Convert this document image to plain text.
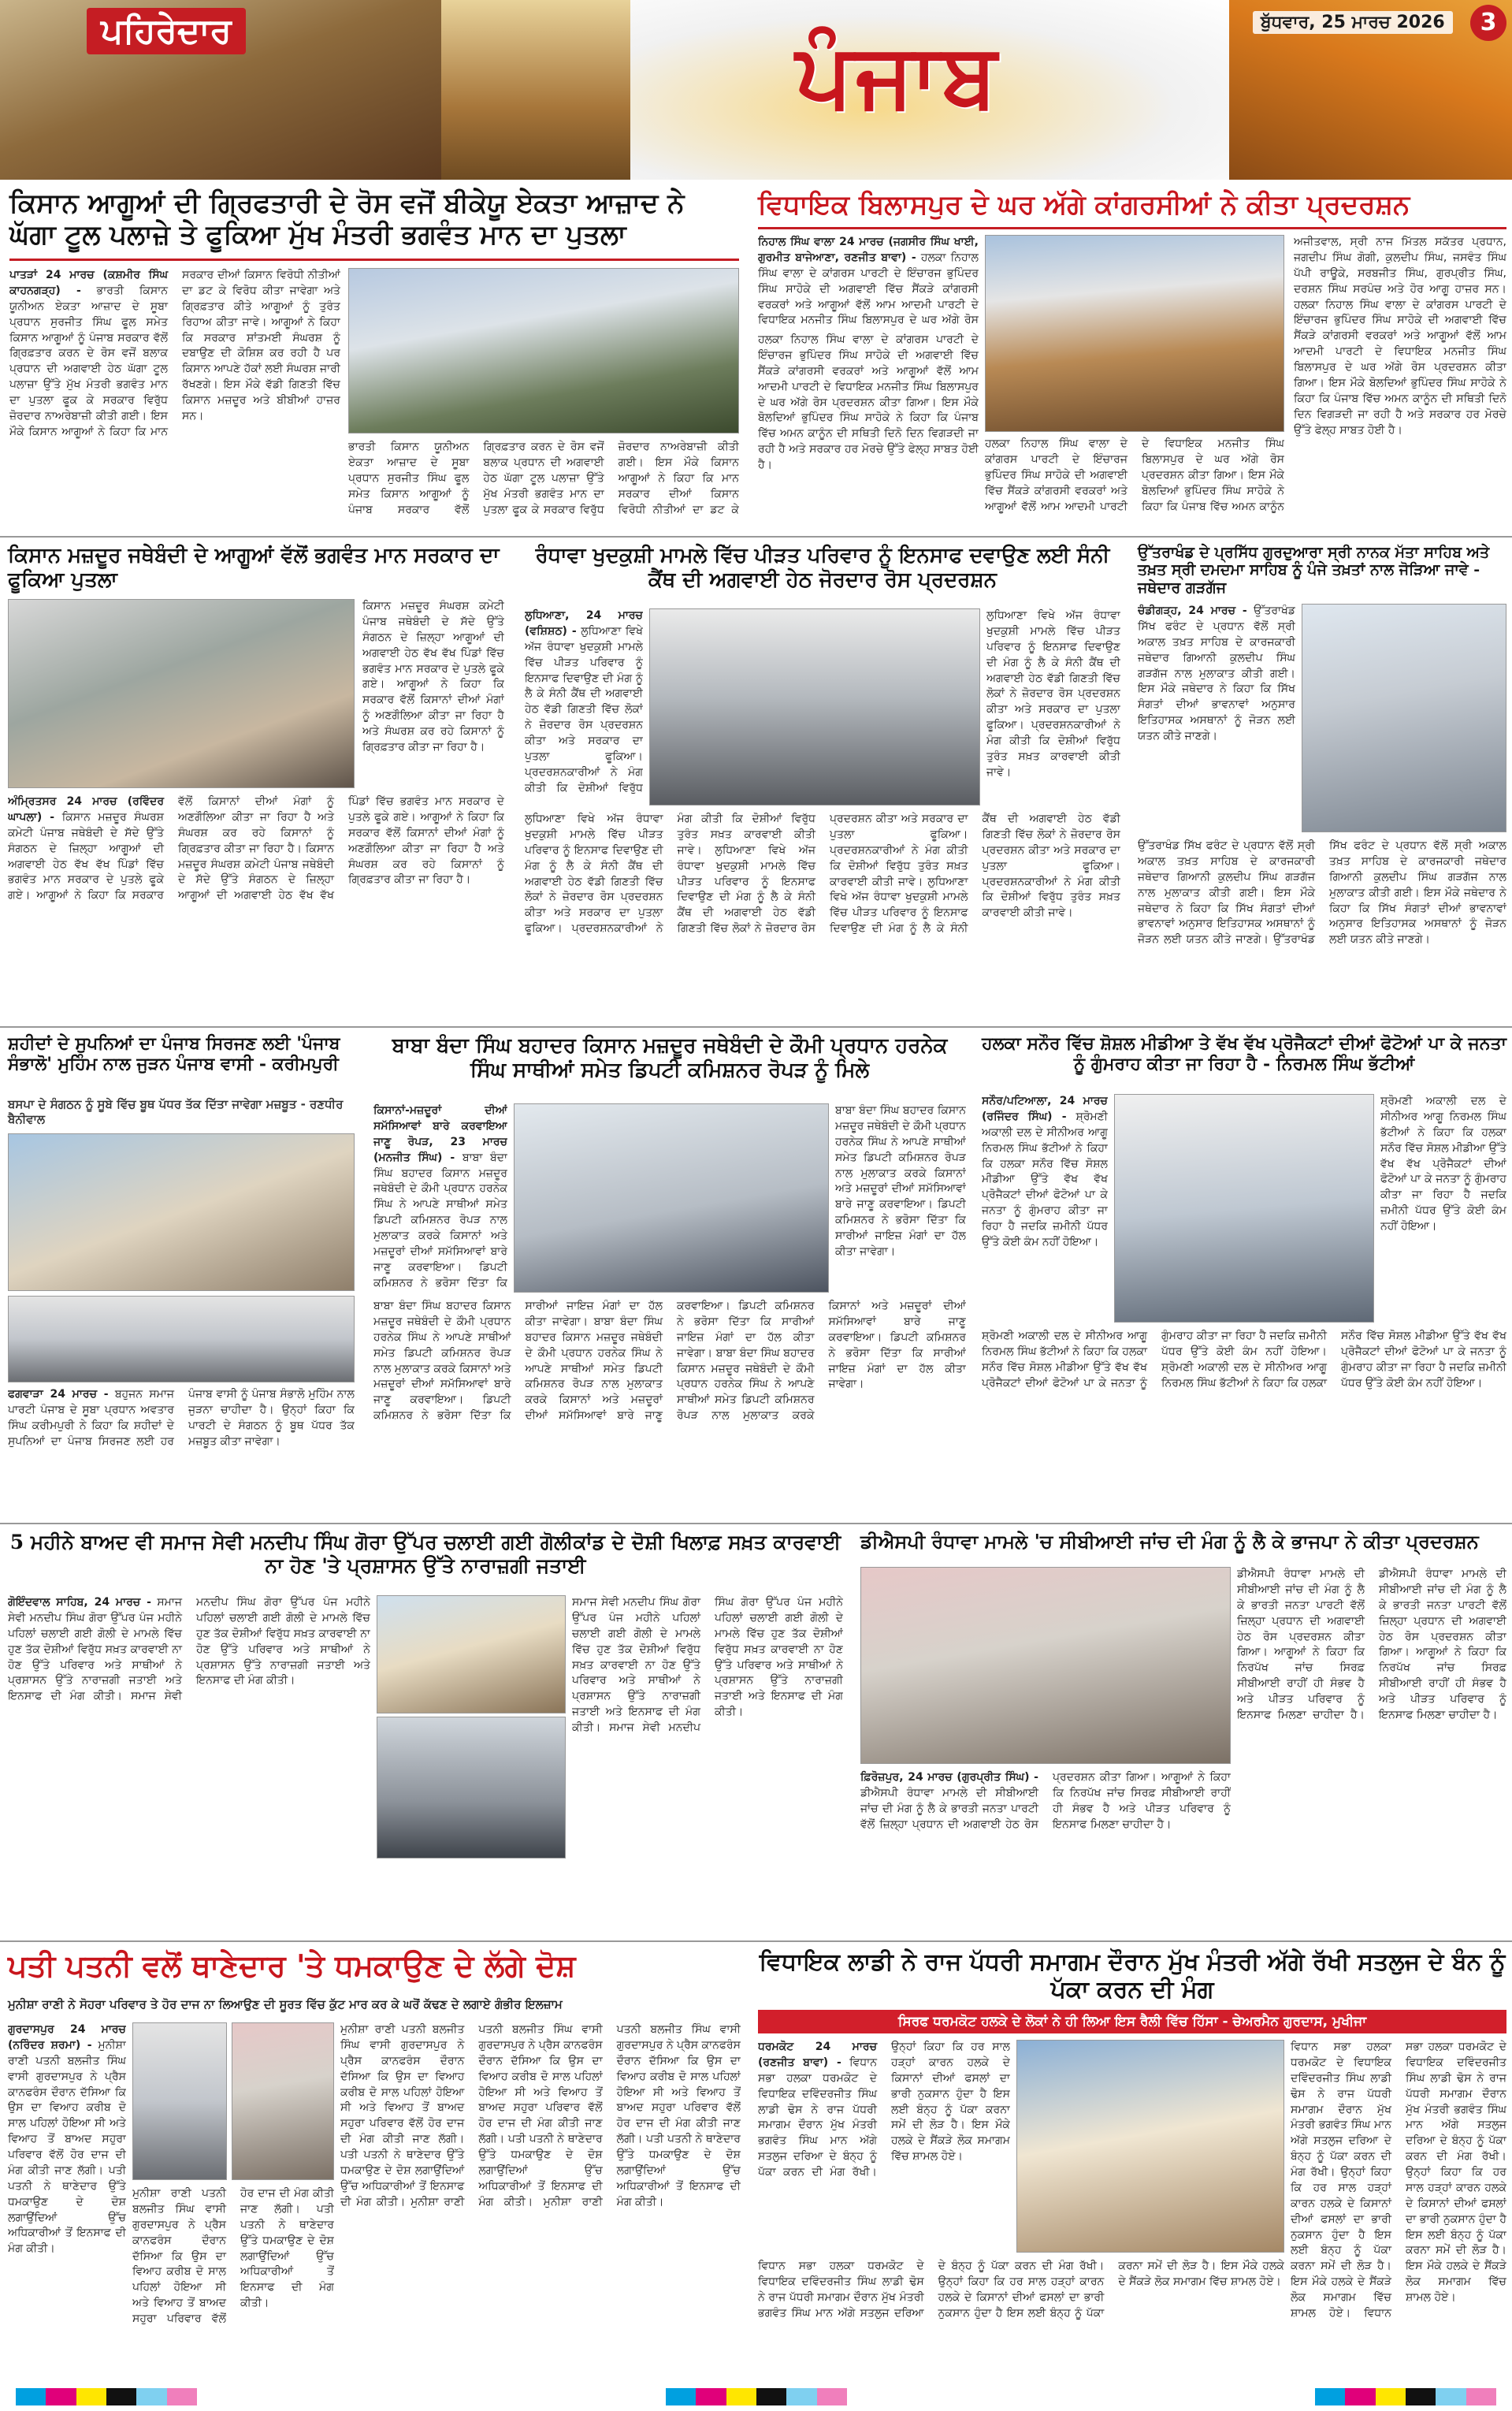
ਪਹਿਰੇਦਾਰ	ਪੰਜਾਬ
ਬੁੱਧਵਾਰ, 25 ਮਾਰਚ 2026	3
ਕਿਸਾਨ ਆਗੂਆਂ ਦੀ ਗ੍ਰਿਫਤਾਰੀ ਦੇ ਰੋਸ ਵਜੋਂ ਬੀਕੇਯੂ ਏਕਤਾ ਆਜ਼ਾਦ ਨੇ ਘੱਗਾ ਟੂਲ ਪਲਾਜ਼ੇ ਤੇ ਫੂਕਿਆ ਮੁੱਖ ਮੰਤਰੀ ਭਗਵੰਤ ਮਾਨ ਦਾ ਪੁਤਲਾ
ਪਾਤੜਾਂ 24 ਮਾਰਚ (ਕਸ਼ਮੀਰ ਸਿੰਘ ਕਾਹਨਗੜ੍ਹ) - ਭਾਰਤੀ ਕਿਸਾਨ ਯੂਨੀਅਨ ਏਕਤਾ ਆਜ਼ਾਦ ਦੇ ਸੂਬਾ ਪ੍ਰਧਾਨ ਸੁਰਜੀਤ ਸਿੰਘ ਫੂਲ ਸਮੇਤ ਕਿਸਾਨ ਆਗੂਆਂ ਨੂੰ ਪੰਜਾਬ ਸਰਕਾਰ ਵੱਲੋਂ ਗ੍ਰਿਫ਼ਤਾਰ ਕਰਨ ਦੇ ਰੋਸ ਵਜੋਂ ਬਲਾਕ ਪ੍ਰਧਾਨ ਦੀ ਅਗਵਾਈ ਹੇਠ ਘੱਗਾ ਟੂਲ ਪਲਾਜ਼ਾ ਉੱਤੇ ਮੁੱਖ ਮੰਤਰੀ ਭਗਵੰਤ ਮਾਨ ਦਾ ਪੁਤਲਾ ਫੂਕ ਕੇ ਸਰਕਾਰ ਵਿਰੁੱਧ ਜ਼ੋਰਦਾਰ ਨਾਅਰੇਬਾਜ਼ੀ ਕੀਤੀ ਗਈ। ਇਸ ਮੌਕੇ ਕਿਸਾਨ ਆਗੂਆਂ ਨੇ ਕਿਹਾ ਕਿ ਮਾਨ ਸਰਕਾਰ ਦੀਆਂ ਕਿਸਾਨ ਵਿਰੋਧੀ ਨੀਤੀਆਂ ਦਾ ਡਟ ਕੇ ਵਿਰੋਧ ਕੀਤਾ ਜਾਵੇਗਾ ਅਤੇ ਗ੍ਰਿਫ਼ਤਾਰ ਕੀਤੇ ਆਗੂਆਂ ਨੂੰ ਤੁਰੰਤ ਰਿਹਾਅ ਕੀਤਾ ਜਾਵੇ। ਆਗੂਆਂ ਨੇ ਕਿਹਾ ਕਿ ਸਰਕਾਰ ਸ਼ਾਂਤਮਈ ਸੰਘਰਸ਼ ਨੂੰ ਦਬਾਉਣ ਦੀ ਕੋਸ਼ਿਸ਼ ਕਰ ਰਹੀ ਹੈ ਪਰ ਕਿਸਾਨ ਆਪਣੇ ਹੱਕਾਂ ਲਈ ਸੰਘਰਸ਼ ਜਾਰੀ ਰੱਖਣਗੇ। ਇਸ ਮੌਕੇ ਵੱਡੀ ਗਿਣਤੀ ਵਿੱਚ ਕਿਸਾਨ ਮਜ਼ਦੂਰ ਅਤੇ ਬੀਬੀਆਂ ਹਾਜ਼ਰ ਸਨ।
ਭਾਰਤੀ ਕਿਸਾਨ ਯੂਨੀਅਨ ਏਕਤਾ ਆਜ਼ਾਦ ਦੇ ਸੂਬਾ ਪ੍ਰਧਾਨ ਸੁਰਜੀਤ ਸਿੰਘ ਫੂਲ ਸਮੇਤ ਕਿਸਾਨ ਆਗੂਆਂ ਨੂੰ ਪੰਜਾਬ ਸਰਕਾਰ ਵੱਲੋਂ ਗ੍ਰਿਫ਼ਤਾਰ ਕਰਨ ਦੇ ਰੋਸ ਵਜੋਂ ਬਲਾਕ ਪ੍ਰਧਾਨ ਦੀ ਅਗਵਾਈ ਹੇਠ ਘੱਗਾ ਟੂਲ ਪਲਾਜ਼ਾ ਉੱਤੇ ਮੁੱਖ ਮੰਤਰੀ ਭਗਵੰਤ ਮਾਨ ਦਾ ਪੁਤਲਾ ਫੂਕ ਕੇ ਸਰਕਾਰ ਵਿਰੁੱਧ ਜ਼ੋਰਦਾਰ ਨਾਅਰੇਬਾਜ਼ੀ ਕੀਤੀ ਗਈ। ਇਸ ਮੌਕੇ ਕਿਸਾਨ ਆਗੂਆਂ ਨੇ ਕਿਹਾ ਕਿ ਮਾਨ ਸਰਕਾਰ ਦੀਆਂ ਕਿਸਾਨ ਵਿਰੋਧੀ ਨੀਤੀਆਂ ਦਾ ਡਟ ਕੇ
ਵਿਧਾਇਕ ਬਿਲਾਸਪੁਰ ਦੇ ਘਰ ਅੱਗੇ ਕਾਂਗਰਸੀਆਂ ਨੇ ਕੀਤਾ ਪ੍ਰਦਰਸ਼ਨ
ਨਿਹਾਲ ਸਿੰਘ ਵਾਲਾ 24 ਮਾਰਚ (ਜਗਸੀਰ ਸਿੰਘ ਖਾਈ, ਗੁਰਮੀਤ ਬਾਜੇਆਣਾ, ਰਣਜੀਤ ਬਾਵਾ) - ਹਲਕਾ ਨਿਹਾਲ ਸਿੰਘ ਵਾਲਾ ਦੇ ਕਾਂਗਰਸ ਪਾਰਟੀ ਦੇ ਇੰਚਾਰਜ ਭੁਪਿੰਦਰ ਸਿੰਘ ਸਾਹੋਕੇ ਦੀ ਅਗਵਾਈ ਵਿੱਚ ਸੈਂਕੜੇ ਕਾਂਗਰਸੀ ਵਰਕਰਾਂ ਅਤੇ ਆਗੂਆਂ ਵੱਲੋਂ ਆਮ ਆਦਮੀ ਪਾਰਟੀ ਦੇ ਵਿਧਾਇਕ ਮਨਜੀਤ ਸਿੰਘ ਬਿਲਾਸਪੁਰ ਦੇ ਘਰ ਅੱਗੇ ਰੋਸ
ਹਲਕਾ ਨਿਹਾਲ ਸਿੰਘ ਵਾਲਾ ਦੇ ਕਾਂਗਰਸ ਪਾਰਟੀ ਦੇ ਇੰਚਾਰਜ ਭੁਪਿੰਦਰ ਸਿੰਘ ਸਾਹੋਕੇ ਦੀ ਅਗਵਾਈ ਵਿੱਚ ਸੈਂਕੜੇ ਕਾਂਗਰਸੀ ਵਰਕਰਾਂ ਅਤੇ ਆਗੂਆਂ ਵੱਲੋਂ ਆਮ ਆਦਮੀ ਪਾਰਟੀ ਦੇ ਵਿਧਾਇਕ ਮਨਜੀਤ ਸਿੰਘ ਬਿਲਾਸਪੁਰ ਦੇ ਘਰ ਅੱਗੇ ਰੋਸ ਪ੍ਰਦਰਸ਼ਨ ਕੀਤਾ ਗਿਆ। ਇਸ ਮੌਕੇ ਬੋਲਦਿਆਂ ਭੁਪਿੰਦਰ ਸਿੰਘ ਸਾਹੋਕੇ ਨੇ ਕਿਹਾ ਕਿ ਪੰਜਾਬ ਵਿੱਚ ਅਮਨ ਕਾਨੂੰਨ ਦੀ ਸਥਿਤੀ ਦਿਨੋ ਦਿਨ ਵਿਗੜਦੀ ਜਾ ਰਹੀ ਹੈ ਅਤੇ ਸਰਕਾਰ ਹਰ ਮੋਰਚੇ ਉੱਤੇ ਫੇਲ੍ਹ ਸਾਬਤ ਹੋਈ ਹੈ।
ਹਲਕਾ ਨਿਹਾਲ ਸਿੰਘ ਵਾਲਾ ਦੇ ਕਾਂਗਰਸ ਪਾਰਟੀ ਦੇ ਇੰਚਾਰਜ ਭੁਪਿੰਦਰ ਸਿੰਘ ਸਾਹੋਕੇ ਦੀ ਅਗਵਾਈ ਵਿੱਚ ਸੈਂਕੜੇ ਕਾਂਗਰਸੀ ਵਰਕਰਾਂ ਅਤੇ ਆਗੂਆਂ ਵੱਲੋਂ ਆਮ ਆਦਮੀ ਪਾਰਟੀ ਦੇ ਵਿਧਾਇਕ ਮਨਜੀਤ ਸਿੰਘ ਬਿਲਾਸਪੁਰ ਦੇ ਘਰ ਅੱਗੇ ਰੋਸ ਪ੍ਰਦਰਸ਼ਨ ਕੀਤਾ ਗਿਆ। ਇਸ ਮੌਕੇ ਬੋਲਦਿਆਂ ਭੁਪਿੰਦਰ ਸਿੰਘ ਸਾਹੋਕੇ ਨੇ ਕਿਹਾ ਕਿ ਪੰਜਾਬ ਵਿੱਚ ਅਮਨ ਕਾਨੂੰਨ
ਅਜੀਤਵਾਲ, ਸ੍ਰੀ ਨਾਜ ਮਿੱਤਲ ਸਕੱਤਰ ਪ੍ਰਧਾਨ, ਜਗਦੀਪ ਸਿੰਘ ਗੋਗੀ, ਕੁਲਦੀਪ ਸਿੰਘ, ਜਸਵੰਤ ਸਿੰਘ ਪੱਪੀ ਰਾਊਕੇ, ਸਰਬਜੀਤ ਸਿੰਘ, ਗੁਰਪ੍ਰੀਤ ਸਿੰਘ, ਦਰਸ਼ਨ ਸਿੰਘ ਸਰਪੰਚ ਅਤੇ ਹੋਰ ਆਗੂ ਹਾਜ਼ਰ ਸਨ। ਹਲਕਾ ਨਿਹਾਲ ਸਿੰਘ ਵਾਲਾ ਦੇ ਕਾਂਗਰਸ ਪਾਰਟੀ ਦੇ ਇੰਚਾਰਜ ਭੁਪਿੰਦਰ ਸਿੰਘ ਸਾਹੋਕੇ ਦੀ ਅਗਵਾਈ ਵਿੱਚ ਸੈਂਕੜੇ ਕਾਂਗਰਸੀ ਵਰਕਰਾਂ ਅਤੇ ਆਗੂਆਂ ਵੱਲੋਂ ਆਮ ਆਦਮੀ ਪਾਰਟੀ ਦੇ ਵਿਧਾਇਕ ਮਨਜੀਤ ਸਿੰਘ ਬਿਲਾਸਪੁਰ ਦੇ ਘਰ ਅੱਗੇ ਰੋਸ ਪ੍ਰਦਰਸ਼ਨ ਕੀਤਾ ਗਿਆ। ਇਸ ਮੌਕੇ ਬੋਲਦਿਆਂ ਭੁਪਿੰਦਰ ਸਿੰਘ ਸਾਹੋਕੇ ਨੇ ਕਿਹਾ ਕਿ ਪੰਜਾਬ ਵਿੱਚ ਅਮਨ ਕਾਨੂੰਨ ਦੀ ਸਥਿਤੀ ਦਿਨੋ ਦਿਨ ਵਿਗੜਦੀ ਜਾ ਰਹੀ ਹੈ ਅਤੇ ਸਰਕਾਰ ਹਰ ਮੋਰਚੇ ਉੱਤੇ ਫੇਲ੍ਹ ਸਾਬਤ ਹੋਈ ਹੈ।
ਕਿਸਾਨ ਮਜ਼ਦੂਰ ਜਥੇਬੰਦੀ ਦੇ ਆਗੂਆਂ ਵੱਲੋਂ ਭਗਵੰਤ ਮਾਨ ਸਰਕਾਰ ਦਾ ਫੂਕਿਆ ਪੁਤਲਾ
ਕਿਸਾਨ ਮਜ਼ਦੂਰ ਸੰਘਰਸ਼ ਕਮੇਟੀ ਪੰਜਾਬ ਜਥੇਬੰਦੀ ਦੇ ਸੱਦੇ ਉੱਤੇ ਸੰਗਠਨ ਦੇ ਜ਼ਿਲ੍ਹਾ ਆਗੂਆਂ ਦੀ ਅਗਵਾਈ ਹੇਠ ਵੱਖ ਵੱਖ ਪਿੰਡਾਂ ਵਿੱਚ ਭਗਵੰਤ ਮਾਨ ਸਰਕਾਰ ਦੇ ਪੁਤਲੇ ਫੂਕੇ ਗਏ। ਆਗੂਆਂ ਨੇ ਕਿਹਾ ਕਿ ਸਰਕਾਰ ਵੱਲੋਂ ਕਿਸਾਨਾਂ ਦੀਆਂ ਮੰਗਾਂ ਨੂੰ ਅਣਗੌਲਿਆ ਕੀਤਾ ਜਾ ਰਿਹਾ ਹੈ ਅਤੇ ਸੰਘਰਸ਼ ਕਰ ਰਹੇ ਕਿਸਾਨਾਂ ਨੂੰ ਗ੍ਰਿਫ਼ਤਾਰ ਕੀਤਾ ਜਾ ਰਿਹਾ ਹੈ।
ਅੰਮ੍ਰਿਤਸਰ 24 ਮਾਰਚ (ਰਵਿੰਦਰ ਘਾਪਲਾ) - ਕਿਸਾਨ ਮਜ਼ਦੂਰ ਸੰਘਰਸ਼ ਕਮੇਟੀ ਪੰਜਾਬ ਜਥੇਬੰਦੀ ਦੇ ਸੱਦੇ ਉੱਤੇ ਸੰਗਠਨ ਦੇ ਜ਼ਿਲ੍ਹਾ ਆਗੂਆਂ ਦੀ ਅਗਵਾਈ ਹੇਠ ਵੱਖ ਵੱਖ ਪਿੰਡਾਂ ਵਿੱਚ ਭਗਵੰਤ ਮਾਨ ਸਰਕਾਰ ਦੇ ਪੁਤਲੇ ਫੂਕੇ ਗਏ। ਆਗੂਆਂ ਨੇ ਕਿਹਾ ਕਿ ਸਰਕਾਰ ਵੱਲੋਂ ਕਿਸਾਨਾਂ ਦੀਆਂ ਮੰਗਾਂ ਨੂੰ ਅਣਗੌਲਿਆ ਕੀਤਾ ਜਾ ਰਿਹਾ ਹੈ ਅਤੇ ਸੰਘਰਸ਼ ਕਰ ਰਹੇ ਕਿਸਾਨਾਂ ਨੂੰ ਗ੍ਰਿਫ਼ਤਾਰ ਕੀਤਾ ਜਾ ਰਿਹਾ ਹੈ। ਕਿਸਾਨ ਮਜ਼ਦੂਰ ਸੰਘਰਸ਼ ਕਮੇਟੀ ਪੰਜਾਬ ਜਥੇਬੰਦੀ ਦੇ ਸੱਦੇ ਉੱਤੇ ਸੰਗਠਨ ਦੇ ਜ਼ਿਲ੍ਹਾ ਆਗੂਆਂ ਦੀ ਅਗਵਾਈ ਹੇਠ ਵੱਖ ਵੱਖ ਪਿੰਡਾਂ ਵਿੱਚ ਭਗਵੰਤ ਮਾਨ ਸਰਕਾਰ ਦੇ ਪੁਤਲੇ ਫੂਕੇ ਗਏ। ਆਗੂਆਂ ਨੇ ਕਿਹਾ ਕਿ ਸਰਕਾਰ ਵੱਲੋਂ ਕਿਸਾਨਾਂ ਦੀਆਂ ਮੰਗਾਂ ਨੂੰ ਅਣਗੌਲਿਆ ਕੀਤਾ ਜਾ ਰਿਹਾ ਹੈ ਅਤੇ ਸੰਘਰਸ਼ ਕਰ ਰਹੇ ਕਿਸਾਨਾਂ ਨੂੰ ਗ੍ਰਿਫ਼ਤਾਰ ਕੀਤਾ ਜਾ ਰਿਹਾ ਹੈ।
ਰੰਧਾਵਾ ਖੁਦਕੁਸ਼ੀ ਮਾਮਲੇ ਵਿੱਚ ਪੀੜਤ ਪਰਿਵਾਰ ਨੂੰ ਇਨਸਾਫ ਦਵਾਉਣ ਲਈ ਸੰਨੀ ਕੈਂਥ ਦੀ ਅਗਵਾਈ ਹੇਠ ਜੋਰਦਾਰ ਰੋਸ ਪ੍ਰਦਰਸ਼ਨ
ਲੁਧਿਆਣਾ, 24 ਮਾਰਚ (ਵਸ਼ਿਸ਼ਠ) - ਲੁਧਿਆਣਾ ਵਿਖੇ ਅੱਜ ਰੰਧਾਵਾ ਖੁਦਕੁਸ਼ੀ ਮਾਮਲੇ ਵਿੱਚ ਪੀੜਤ ਪਰਿਵਾਰ ਨੂੰ ਇਨਸਾਫ ਦਿਵਾਉਣ ਦੀ ਮੰਗ ਨੂੰ ਲੈ ਕੇ ਸੰਨੀ ਕੈਂਥ ਦੀ ਅਗਵਾਈ ਹੇਠ ਵੱਡੀ ਗਿਣਤੀ ਵਿੱਚ ਲੋਕਾਂ ਨੇ ਜ਼ੋਰਦਾਰ ਰੋਸ ਪ੍ਰਦਰਸ਼ਨ ਕੀਤਾ ਅਤੇ ਸਰਕਾਰ ਦਾ ਪੁਤਲਾ ਫੂਕਿਆ। ਪ੍ਰਦਰਸ਼ਨਕਾਰੀਆਂ ਨੇ ਮੰਗ ਕੀਤੀ ਕਿ ਦੋਸ਼ੀਆਂ ਵਿਰੁੱਧ
ਲੁਧਿਆਣਾ ਵਿਖੇ ਅੱਜ ਰੰਧਾਵਾ ਖੁਦਕੁਸ਼ੀ ਮਾਮਲੇ ਵਿੱਚ ਪੀੜਤ ਪਰਿਵਾਰ ਨੂੰ ਇਨਸਾਫ ਦਿਵਾਉਣ ਦੀ ਮੰਗ ਨੂੰ ਲੈ ਕੇ ਸੰਨੀ ਕੈਂਥ ਦੀ ਅਗਵਾਈ ਹੇਠ ਵੱਡੀ ਗਿਣਤੀ ਵਿੱਚ ਲੋਕਾਂ ਨੇ ਜ਼ੋਰਦਾਰ ਰੋਸ ਪ੍ਰਦਰਸ਼ਨ ਕੀਤਾ ਅਤੇ ਸਰਕਾਰ ਦਾ ਪੁਤਲਾ ਫੂਕਿਆ। ਪ੍ਰਦਰਸ਼ਨਕਾਰੀਆਂ ਨੇ ਮੰਗ ਕੀਤੀ ਕਿ ਦੋਸ਼ੀਆਂ ਵਿਰੁੱਧ ਤੁਰੰਤ ਸਖ਼ਤ ਕਾਰਵਾਈ ਕੀਤੀ ਜਾਵੇ।
ਲੁਧਿਆਣਾ ਵਿਖੇ ਅੱਜ ਰੰਧਾਵਾ ਖੁਦਕੁਸ਼ੀ ਮਾਮਲੇ ਵਿੱਚ ਪੀੜਤ ਪਰਿਵਾਰ ਨੂੰ ਇਨਸਾਫ ਦਿਵਾਉਣ ਦੀ ਮੰਗ ਨੂੰ ਲੈ ਕੇ ਸੰਨੀ ਕੈਂਥ ਦੀ ਅਗਵਾਈ ਹੇਠ ਵੱਡੀ ਗਿਣਤੀ ਵਿੱਚ ਲੋਕਾਂ ਨੇ ਜ਼ੋਰਦਾਰ ਰੋਸ ਪ੍ਰਦਰਸ਼ਨ ਕੀਤਾ ਅਤੇ ਸਰਕਾਰ ਦਾ ਪੁਤਲਾ ਫੂਕਿਆ। ਪ੍ਰਦਰਸ਼ਨਕਾਰੀਆਂ ਨੇ ਮੰਗ ਕੀਤੀ ਕਿ ਦੋਸ਼ੀਆਂ ਵਿਰੁੱਧ ਤੁਰੰਤ ਸਖ਼ਤ ਕਾਰਵਾਈ ਕੀਤੀ ਜਾਵੇ। ਲੁਧਿਆਣਾ ਵਿਖੇ ਅੱਜ ਰੰਧਾਵਾ ਖੁਦਕੁਸ਼ੀ ਮਾਮਲੇ ਵਿੱਚ ਪੀੜਤ ਪਰਿਵਾਰ ਨੂੰ ਇਨਸਾਫ ਦਿਵਾਉਣ ਦੀ ਮੰਗ ਨੂੰ ਲੈ ਕੇ ਸੰਨੀ ਕੈਂਥ ਦੀ ਅਗਵਾਈ ਹੇਠ ਵੱਡੀ ਗਿਣਤੀ ਵਿੱਚ ਲੋਕਾਂ ਨੇ ਜ਼ੋਰਦਾਰ ਰੋਸ ਪ੍ਰਦਰਸ਼ਨ ਕੀਤਾ ਅਤੇ ਸਰਕਾਰ ਦਾ ਪੁਤਲਾ ਫੂਕਿਆ। ਪ੍ਰਦਰਸ਼ਨਕਾਰੀਆਂ ਨੇ ਮੰਗ ਕੀਤੀ ਕਿ ਦੋਸ਼ੀਆਂ ਵਿਰੁੱਧ ਤੁਰੰਤ ਸਖ਼ਤ ਕਾਰਵਾਈ ਕੀਤੀ ਜਾਵੇ। ਲੁਧਿਆਣਾ ਵਿਖੇ ਅੱਜ ਰੰਧਾਵਾ ਖੁਦਕੁਸ਼ੀ ਮਾਮਲੇ ਵਿੱਚ ਪੀੜਤ ਪਰਿਵਾਰ ਨੂੰ ਇਨਸਾਫ ਦਿਵਾਉਣ ਦੀ ਮੰਗ ਨੂੰ ਲੈ ਕੇ ਸੰਨੀ ਕੈਂਥ ਦੀ ਅਗਵਾਈ ਹੇਠ ਵੱਡੀ ਗਿਣਤੀ ਵਿੱਚ ਲੋਕਾਂ ਨੇ ਜ਼ੋਰਦਾਰ ਰੋਸ ਪ੍ਰਦਰਸ਼ਨ ਕੀਤਾ ਅਤੇ ਸਰਕਾਰ ਦਾ ਪੁਤਲਾ ਫੂਕਿਆ। ਪ੍ਰਦਰਸ਼ਨਕਾਰੀਆਂ ਨੇ ਮੰਗ ਕੀਤੀ ਕਿ ਦੋਸ਼ੀਆਂ ਵਿਰੁੱਧ ਤੁਰੰਤ ਸਖ਼ਤ ਕਾਰਵਾਈ ਕੀਤੀ ਜਾਵੇ।
ਉੱਤਰਾਖੰਡ ਦੇ ਪ੍ਰਸਿੱਧ ਗੁਰਦੁਆਰਾ ਸ੍ਰੀ ਨਾਨਕ ਮੱਤਾ ਸਾਹਿਬ ਅਤੇ ਤਖ਼ਤ ਸ੍ਰੀ ਦਮਦਮਾ ਸਾਹਿਬ ਨੂੰ ਪੰਜੇ ਤਖ਼ਤਾਂ ਨਾਲ ਜੋੜਿਆ ਜਾਵੇ - ਜਥੇਦਾਰ ਗੜਗੱਜ
ਚੰਡੀਗੜ੍ਹ, 24 ਮਾਰਚ - ਉੱਤਰਾਖੰਡ ਸਿੱਖ ਫਰੰਟ ਦੇ ਪ੍ਰਧਾਨ ਵੱਲੋਂ ਸ੍ਰੀ ਅਕਾਲ ਤਖ਼ਤ ਸਾਹਿਬ ਦੇ ਕਾਰਜਕਾਰੀ ਜਥੇਦਾਰ ਗਿਆਨੀ ਕੁਲਦੀਪ ਸਿੰਘ ਗੜਗੱਜ ਨਾਲ ਮੁਲਾਕਾਤ ਕੀਤੀ ਗਈ। ਇਸ ਮੌਕੇ ਜਥੇਦਾਰ ਨੇ ਕਿਹਾ ਕਿ ਸਿੱਖ ਸੰਗਤਾਂ ਦੀਆਂ ਭਾਵਨਾਵਾਂ ਅਨੁਸਾਰ ਇਤਿਹਾਸਕ ਅਸਥਾਨਾਂ ਨੂੰ ਜੋੜਨ ਲਈ ਯਤਨ ਕੀਤੇ ਜਾਣਗੇ।
ਉੱਤਰਾਖੰਡ ਸਿੱਖ ਫਰੰਟ ਦੇ ਪ੍ਰਧਾਨ ਵੱਲੋਂ ਸ੍ਰੀ ਅਕਾਲ ਤਖ਼ਤ ਸਾਹਿਬ ਦੇ ਕਾਰਜਕਾਰੀ ਜਥੇਦਾਰ ਗਿਆਨੀ ਕੁਲਦੀਪ ਸਿੰਘ ਗੜਗੱਜ ਨਾਲ ਮੁਲਾਕਾਤ ਕੀਤੀ ਗਈ। ਇਸ ਮੌਕੇ ਜਥੇਦਾਰ ਨੇ ਕਿਹਾ ਕਿ ਸਿੱਖ ਸੰਗਤਾਂ ਦੀਆਂ ਭਾਵਨਾਵਾਂ ਅਨੁਸਾਰ ਇਤਿਹਾਸਕ ਅਸਥਾਨਾਂ ਨੂੰ ਜੋੜਨ ਲਈ ਯਤਨ ਕੀਤੇ ਜਾਣਗੇ। ਉੱਤਰਾਖੰਡ ਸਿੱਖ ਫਰੰਟ ਦੇ ਪ੍ਰਧਾਨ ਵੱਲੋਂ ਸ੍ਰੀ ਅਕਾਲ ਤਖ਼ਤ ਸਾਹਿਬ ਦੇ ਕਾਰਜਕਾਰੀ ਜਥੇਦਾਰ ਗਿਆਨੀ ਕੁਲਦੀਪ ਸਿੰਘ ਗੜਗੱਜ ਨਾਲ ਮੁਲਾਕਾਤ ਕੀਤੀ ਗਈ। ਇਸ ਮੌਕੇ ਜਥੇਦਾਰ ਨੇ ਕਿਹਾ ਕਿ ਸਿੱਖ ਸੰਗਤਾਂ ਦੀਆਂ ਭਾਵਨਾਵਾਂ ਅਨੁਸਾਰ ਇਤਿਹਾਸਕ ਅਸਥਾਨਾਂ ਨੂੰ ਜੋੜਨ ਲਈ ਯਤਨ ਕੀਤੇ ਜਾਣਗੇ।
ਸ਼ਹੀਦਾਂ ਦੇ ਸੁਪਨਿਆਂ ਦਾ ਪੰਜਾਬ ਸਿਰਜਣ ਲਈ 'ਪੰਜਾਬ ਸੰਭਾਲੋ' ਮੁਹਿੰਮ ਨਾਲ ਜੁੜਨ ਪੰਜਾਬ ਵਾਸੀ - ਕਰੀਮਪੁਰੀ
ਬਸਪਾ ਦੇ ਸੰਗਠਨ ਨੂੰ ਸੂਬੇ ਵਿੱਚ ਬੂਥ ਪੱਧਰ ਤੱਕ ਦਿੱਤਾ ਜਾਵੇਗਾ ਮਜ਼ਬੂਤ - ਰਣਧੀਰ ਬੈਨੀਵਾਲ
ਫਗਵਾੜਾ 24 ਮਾਰਚ - ਬਹੁਜਨ ਸਮਾਜ ਪਾਰਟੀ ਪੰਜਾਬ ਦੇ ਸੂਬਾ ਪ੍ਰਧਾਨ ਅਵਤਾਰ ਸਿੰਘ ਕਰੀਮਪੁਰੀ ਨੇ ਕਿਹਾ ਕਿ ਸ਼ਹੀਦਾਂ ਦੇ ਸੁਪਨਿਆਂ ਦਾ ਪੰਜਾਬ ਸਿਰਜਣ ਲਈ ਹਰ ਪੰਜਾਬ ਵਾਸੀ ਨੂੰ ਪੰਜਾਬ ਸੰਭਾਲੋ ਮੁਹਿੰਮ ਨਾਲ ਜੁੜਨਾ ਚਾਹੀਦਾ ਹੈ। ਉਨ੍ਹਾਂ ਕਿਹਾ ਕਿ ਪਾਰਟੀ ਦੇ ਸੰਗਠਨ ਨੂੰ ਬੂਥ ਪੱਧਰ ਤੱਕ ਮਜ਼ਬੂਤ ਕੀਤਾ ਜਾਵੇਗਾ।
ਬਾਬਾ ਬੰਦਾ ਸਿੰਘ ਬਹਾਦਰ ਕਿਸਾਨ ਮਜ਼ਦੂਰ ਜਥੇਬੰਦੀ ਦੇ ਕੌਮੀ ਪ੍ਰਧਾਨ ਹਰਨੇਕ ਸਿੰਘ ਸਾਥੀਆਂ ਸਮੇਤ ਡਿਪਟੀ ਕਮਿਸ਼ਨਰ ਰੋਪੜ ਨੂੰ ਮਿਲੇ
ਕਿਸਾਨਾਂ-ਮਜ਼ਦੂਰਾਂ ਦੀਆਂ ਸਮੱਸਿਆਵਾਂ ਬਾਰੇ ਕਰਵਾਇਆ ਜਾਣੂ ਰੋਪੜ, 23 ਮਾਰਚ (ਮਨਜੀਤ ਸਿੰਘ) - ਬਾਬਾ ਬੰਦਾ ਸਿੰਘ ਬਹਾਦਰ ਕਿਸਾਨ ਮਜ਼ਦੂਰ ਜਥੇਬੰਦੀ ਦੇ ਕੌਮੀ ਪ੍ਰਧਾਨ ਹਰਨੇਕ ਸਿੰਘ ਨੇ ਆਪਣੇ ਸਾਥੀਆਂ ਸਮੇਤ ਡਿਪਟੀ ਕਮਿਸ਼ਨਰ ਰੋਪੜ ਨਾਲ ਮੁਲਾਕਾਤ ਕਰਕੇ ਕਿਸਾਨਾਂ ਅਤੇ ਮਜ਼ਦੂਰਾਂ ਦੀਆਂ ਸਮੱਸਿਆਵਾਂ ਬਾਰੇ ਜਾਣੂ ਕਰਵਾਇਆ। ਡਿਪਟੀ ਕਮਿਸ਼ਨਰ ਨੇ ਭਰੋਸਾ ਦਿੱਤਾ ਕਿ
ਬਾਬਾ ਬੰਦਾ ਸਿੰਘ ਬਹਾਦਰ ਕਿਸਾਨ ਮਜ਼ਦੂਰ ਜਥੇਬੰਦੀ ਦੇ ਕੌਮੀ ਪ੍ਰਧਾਨ ਹਰਨੇਕ ਸਿੰਘ ਨੇ ਆਪਣੇ ਸਾਥੀਆਂ ਸਮੇਤ ਡਿਪਟੀ ਕਮਿਸ਼ਨਰ ਰੋਪੜ ਨਾਲ ਮੁਲਾਕਾਤ ਕਰਕੇ ਕਿਸਾਨਾਂ ਅਤੇ ਮਜ਼ਦੂਰਾਂ ਦੀਆਂ ਸਮੱਸਿਆਵਾਂ ਬਾਰੇ ਜਾਣੂ ਕਰਵਾਇਆ। ਡਿਪਟੀ ਕਮਿਸ਼ਨਰ ਨੇ ਭਰੋਸਾ ਦਿੱਤਾ ਕਿ ਸਾਰੀਆਂ ਜਾਇਜ਼ ਮੰਗਾਂ ਦਾ ਹੱਲ ਕੀਤਾ ਜਾਵੇਗਾ।
ਬਾਬਾ ਬੰਦਾ ਸਿੰਘ ਬਹਾਦਰ ਕਿਸਾਨ ਮਜ਼ਦੂਰ ਜਥੇਬੰਦੀ ਦੇ ਕੌਮੀ ਪ੍ਰਧਾਨ ਹਰਨੇਕ ਸਿੰਘ ਨੇ ਆਪਣੇ ਸਾਥੀਆਂ ਸਮੇਤ ਡਿਪਟੀ ਕਮਿਸ਼ਨਰ ਰੋਪੜ ਨਾਲ ਮੁਲਾਕਾਤ ਕਰਕੇ ਕਿਸਾਨਾਂ ਅਤੇ ਮਜ਼ਦੂਰਾਂ ਦੀਆਂ ਸਮੱਸਿਆਵਾਂ ਬਾਰੇ ਜਾਣੂ ਕਰਵਾਇਆ। ਡਿਪਟੀ ਕਮਿਸ਼ਨਰ ਨੇ ਭਰੋਸਾ ਦਿੱਤਾ ਕਿ ਸਾਰੀਆਂ ਜਾਇਜ਼ ਮੰਗਾਂ ਦਾ ਹੱਲ ਕੀਤਾ ਜਾਵੇਗਾ। ਬਾਬਾ ਬੰਦਾ ਸਿੰਘ ਬਹਾਦਰ ਕਿਸਾਨ ਮਜ਼ਦੂਰ ਜਥੇਬੰਦੀ ਦੇ ਕੌਮੀ ਪ੍ਰਧਾਨ ਹਰਨੇਕ ਸਿੰਘ ਨੇ ਆਪਣੇ ਸਾਥੀਆਂ ਸਮੇਤ ਡਿਪਟੀ ਕਮਿਸ਼ਨਰ ਰੋਪੜ ਨਾਲ ਮੁਲਾਕਾਤ ਕਰਕੇ ਕਿਸਾਨਾਂ ਅਤੇ ਮਜ਼ਦੂਰਾਂ ਦੀਆਂ ਸਮੱਸਿਆਵਾਂ ਬਾਰੇ ਜਾਣੂ ਕਰਵਾਇਆ। ਡਿਪਟੀ ਕਮਿਸ਼ਨਰ ਨੇ ਭਰੋਸਾ ਦਿੱਤਾ ਕਿ ਸਾਰੀਆਂ ਜਾਇਜ਼ ਮੰਗਾਂ ਦਾ ਹੱਲ ਕੀਤਾ ਜਾਵੇਗਾ। ਬਾਬਾ ਬੰਦਾ ਸਿੰਘ ਬਹਾਦਰ ਕਿਸਾਨ ਮਜ਼ਦੂਰ ਜਥੇਬੰਦੀ ਦੇ ਕੌਮੀ ਪ੍ਰਧਾਨ ਹਰਨੇਕ ਸਿੰਘ ਨੇ ਆਪਣੇ ਸਾਥੀਆਂ ਸਮੇਤ ਡਿਪਟੀ ਕਮਿਸ਼ਨਰ ਰੋਪੜ ਨਾਲ ਮੁਲਾਕਾਤ ਕਰਕੇ ਕਿਸਾਨਾਂ ਅਤੇ ਮਜ਼ਦੂਰਾਂ ਦੀਆਂ ਸਮੱਸਿਆਵਾਂ ਬਾਰੇ ਜਾਣੂ ਕਰਵਾਇਆ। ਡਿਪਟੀ ਕਮਿਸ਼ਨਰ ਨੇ ਭਰੋਸਾ ਦਿੱਤਾ ਕਿ ਸਾਰੀਆਂ ਜਾਇਜ਼ ਮੰਗਾਂ ਦਾ ਹੱਲ ਕੀਤਾ ਜਾਵੇਗਾ।
ਹਲਕਾ ਸਨੌਰ ਵਿੱਚ ਸ਼ੋਸ਼ਲ ਮੀਡੀਆ ਤੇ ਵੱਖ ਵੱਖ ਪ੍ਰੋਜੈਕਟਾਂ ਦੀਆਂ ਫੋਟੋਆਂ ਪਾ ਕੇ ਜਨਤਾ ਨੂੰ ਗੁੰਮਰਾਹ ਕੀਤਾ ਜਾ ਰਿਹਾ ਹੈ - ਨਿਰਮਲ ਸਿੰਘ ਭੱਟੀਆਂ
ਸਨੌਰ/ਪਟਿਆਲਾ, 24 ਮਾਰਚ (ਰਜਿੰਦਰ ਸਿੰਘ) - ਸ਼੍ਰੋਮਣੀ ਅਕਾਲੀ ਦਲ ਦੇ ਸੀਨੀਅਰ ਆਗੂ ਨਿਰਮਲ ਸਿੰਘ ਭੱਟੀਆਂ ਨੇ ਕਿਹਾ ਕਿ ਹਲਕਾ ਸਨੌਰ ਵਿੱਚ ਸੋਸ਼ਲ ਮੀਡੀਆ ਉੱਤੇ ਵੱਖ ਵੱਖ ਪ੍ਰੋਜੈਕਟਾਂ ਦੀਆਂ ਫੋਟੋਆਂ ਪਾ ਕੇ ਜਨਤਾ ਨੂੰ ਗੁੰਮਰਾਹ ਕੀਤਾ ਜਾ ਰਿਹਾ ਹੈ ਜਦਕਿ ਜ਼ਮੀਨੀ ਪੱਧਰ ਉੱਤੇ ਕੋਈ ਕੰਮ ਨਹੀਂ ਹੋਇਆ।
ਸ਼੍ਰੋਮਣੀ ਅਕਾਲੀ ਦਲ ਦੇ ਸੀਨੀਅਰ ਆਗੂ ਨਿਰਮਲ ਸਿੰਘ ਭੱਟੀਆਂ ਨੇ ਕਿਹਾ ਕਿ ਹਲਕਾ ਸਨੌਰ ਵਿੱਚ ਸੋਸ਼ਲ ਮੀਡੀਆ ਉੱਤੇ ਵੱਖ ਵੱਖ ਪ੍ਰੋਜੈਕਟਾਂ ਦੀਆਂ ਫੋਟੋਆਂ ਪਾ ਕੇ ਜਨਤਾ ਨੂੰ ਗੁੰਮਰਾਹ ਕੀਤਾ ਜਾ ਰਿਹਾ ਹੈ ਜਦਕਿ ਜ਼ਮੀਨੀ ਪੱਧਰ ਉੱਤੇ ਕੋਈ ਕੰਮ ਨਹੀਂ ਹੋਇਆ।
ਸ਼੍ਰੋਮਣੀ ਅਕਾਲੀ ਦਲ ਦੇ ਸੀਨੀਅਰ ਆਗੂ ਨਿਰਮਲ ਸਿੰਘ ਭੱਟੀਆਂ ਨੇ ਕਿਹਾ ਕਿ ਹਲਕਾ ਸਨੌਰ ਵਿੱਚ ਸੋਸ਼ਲ ਮੀਡੀਆ ਉੱਤੇ ਵੱਖ ਵੱਖ ਪ੍ਰੋਜੈਕਟਾਂ ਦੀਆਂ ਫੋਟੋਆਂ ਪਾ ਕੇ ਜਨਤਾ ਨੂੰ ਗੁੰਮਰਾਹ ਕੀਤਾ ਜਾ ਰਿਹਾ ਹੈ ਜਦਕਿ ਜ਼ਮੀਨੀ ਪੱਧਰ ਉੱਤੇ ਕੋਈ ਕੰਮ ਨਹੀਂ ਹੋਇਆ। ਸ਼੍ਰੋਮਣੀ ਅਕਾਲੀ ਦਲ ਦੇ ਸੀਨੀਅਰ ਆਗੂ ਨਿਰਮਲ ਸਿੰਘ ਭੱਟੀਆਂ ਨੇ ਕਿਹਾ ਕਿ ਹਲਕਾ ਸਨੌਰ ਵਿੱਚ ਸੋਸ਼ਲ ਮੀਡੀਆ ਉੱਤੇ ਵੱਖ ਵੱਖ ਪ੍ਰੋਜੈਕਟਾਂ ਦੀਆਂ ਫੋਟੋਆਂ ਪਾ ਕੇ ਜਨਤਾ ਨੂੰ ਗੁੰਮਰਾਹ ਕੀਤਾ ਜਾ ਰਿਹਾ ਹੈ ਜਦਕਿ ਜ਼ਮੀਨੀ ਪੱਧਰ ਉੱਤੇ ਕੋਈ ਕੰਮ ਨਹੀਂ ਹੋਇਆ।
5 ਮਹੀਨੇ ਬਾਅਦ ਵੀ ਸਮਾਜ ਸੇਵੀ ਮਨਦੀਪ ਸਿੰਘ ਗੋਰਾ ਉੱਪਰ ਚਲਾਈ ਗਈ ਗੋਲੀਕਾਂਡ ਦੇ ਦੋਸ਼ੀ ਖਿਲਾਫ਼ ਸਖ਼ਤ ਕਾਰਵਾਈ ਨਾ ਹੋਣ 'ਤੇ ਪ੍ਰਸ਼ਾਸਨ ਉੱਤੇ ਨਾਰਾਜ਼ਗੀ ਜਤਾਈ
ਗੋਇੰਦਵਾਲ ਸਾਹਿਬ, 24 ਮਾਰਚ - ਸਮਾਜ ਸੇਵੀ ਮਨਦੀਪ ਸਿੰਘ ਗੋਰਾ ਉੱਪਰ ਪੰਜ ਮਹੀਨੇ ਪਹਿਲਾਂ ਚਲਾਈ ਗਈ ਗੋਲੀ ਦੇ ਮਾਮਲੇ ਵਿੱਚ ਹੁਣ ਤੱਕ ਦੋਸ਼ੀਆਂ ਵਿਰੁੱਧ ਸਖ਼ਤ ਕਾਰਵਾਈ ਨਾ ਹੋਣ ਉੱਤੇ ਪਰਿਵਾਰ ਅਤੇ ਸਾਥੀਆਂ ਨੇ ਪ੍ਰਸ਼ਾਸਨ ਉੱਤੇ ਨਾਰਾਜ਼ਗੀ ਜਤਾਈ ਅਤੇ ਇਨਸਾਫ ਦੀ ਮੰਗ ਕੀਤੀ। ਸਮਾਜ ਸੇਵੀ ਮਨਦੀਪ ਸਿੰਘ ਗੋਰਾ ਉੱਪਰ ਪੰਜ ਮਹੀਨੇ ਪਹਿਲਾਂ ਚਲਾਈ ਗਈ ਗੋਲੀ ਦੇ ਮਾਮਲੇ ਵਿੱਚ ਹੁਣ ਤੱਕ ਦੋਸ਼ੀਆਂ ਵਿਰੁੱਧ ਸਖ਼ਤ ਕਾਰਵਾਈ ਨਾ ਹੋਣ ਉੱਤੇ ਪਰਿਵਾਰ ਅਤੇ ਸਾਥੀਆਂ ਨੇ ਪ੍ਰਸ਼ਾਸਨ ਉੱਤੇ ਨਾਰਾਜ਼ਗੀ ਜਤਾਈ ਅਤੇ ਇਨਸਾਫ ਦੀ ਮੰਗ ਕੀਤੀ।
ਸਮਾਜ ਸੇਵੀ ਮਨਦੀਪ ਸਿੰਘ ਗੋਰਾ ਉੱਪਰ ਪੰਜ ਮਹੀਨੇ ਪਹਿਲਾਂ ਚਲਾਈ ਗਈ ਗੋਲੀ ਦੇ ਮਾਮਲੇ ਵਿੱਚ ਹੁਣ ਤੱਕ ਦੋਸ਼ੀਆਂ ਵਿਰੁੱਧ ਸਖ਼ਤ ਕਾਰਵਾਈ ਨਾ ਹੋਣ ਉੱਤੇ ਪਰਿਵਾਰ ਅਤੇ ਸਾਥੀਆਂ ਨੇ ਪ੍ਰਸ਼ਾਸਨ ਉੱਤੇ ਨਾਰਾਜ਼ਗੀ ਜਤਾਈ ਅਤੇ ਇਨਸਾਫ ਦੀ ਮੰਗ ਕੀਤੀ। ਸਮਾਜ ਸੇਵੀ ਮਨਦੀਪ ਸਿੰਘ ਗੋਰਾ ਉੱਪਰ ਪੰਜ ਮਹੀਨੇ ਪਹਿਲਾਂ ਚਲਾਈ ਗਈ ਗੋਲੀ ਦੇ ਮਾਮਲੇ ਵਿੱਚ ਹੁਣ ਤੱਕ ਦੋਸ਼ੀਆਂ ਵਿਰੁੱਧ ਸਖ਼ਤ ਕਾਰਵਾਈ ਨਾ ਹੋਣ ਉੱਤੇ ਪਰਿਵਾਰ ਅਤੇ ਸਾਥੀਆਂ ਨੇ ਪ੍ਰਸ਼ਾਸਨ ਉੱਤੇ ਨਾਰਾਜ਼ਗੀ ਜਤਾਈ ਅਤੇ ਇਨਸਾਫ ਦੀ ਮੰਗ ਕੀਤੀ।
ਡੀਐਸਪੀ ਰੰਧਾਵਾ ਮਾਮਲੇ 'ਚ ਸੀਬੀਆਈ ਜਾਂਚ ਦੀ ਮੰਗ ਨੂੰ ਲੈ ਕੇ ਭਾਜਪਾ ਨੇ ਕੀਤਾ ਪ੍ਰਦਰਸ਼ਨ
ਡੀਐਸਪੀ ਰੰਧਾਵਾ ਮਾਮਲੇ ਦੀ ਸੀਬੀਆਈ ਜਾਂਚ ਦੀ ਮੰਗ ਨੂੰ ਲੈ ਕੇ ਭਾਰਤੀ ਜਨਤਾ ਪਾਰਟੀ ਵੱਲੋਂ ਜ਼ਿਲ੍ਹਾ ਪ੍ਰਧਾਨ ਦੀ ਅਗਵਾਈ ਹੇਠ ਰੋਸ ਪ੍ਰਦਰਸ਼ਨ ਕੀਤਾ ਗਿਆ। ਆਗੂਆਂ ਨੇ ਕਿਹਾ ਕਿ ਨਿਰਪੱਖ ਜਾਂਚ ਸਿਰਫ਼ ਸੀਬੀਆਈ ਰਾਹੀਂ ਹੀ ਸੰਭਵ ਹੈ ਅਤੇ ਪੀੜਤ ਪਰਿਵਾਰ ਨੂੰ ਇਨਸਾਫ ਮਿਲਣਾ ਚਾਹੀਦਾ ਹੈ। ਡੀਐਸਪੀ ਰੰਧਾਵਾ ਮਾਮਲੇ ਦੀ ਸੀਬੀਆਈ ਜਾਂਚ ਦੀ ਮੰਗ ਨੂੰ ਲੈ ਕੇ ਭਾਰਤੀ ਜਨਤਾ ਪਾਰਟੀ ਵੱਲੋਂ ਜ਼ਿਲ੍ਹਾ ਪ੍ਰਧਾਨ ਦੀ ਅਗਵਾਈ ਹੇਠ ਰੋਸ ਪ੍ਰਦਰਸ਼ਨ ਕੀਤਾ ਗਿਆ। ਆਗੂਆਂ ਨੇ ਕਿਹਾ ਕਿ ਨਿਰਪੱਖ ਜਾਂਚ ਸਿਰਫ਼ ਸੀਬੀਆਈ ਰਾਹੀਂ ਹੀ ਸੰਭਵ ਹੈ ਅਤੇ ਪੀੜਤ ਪਰਿਵਾਰ ਨੂੰ ਇਨਸਾਫ ਮਿਲਣਾ ਚਾਹੀਦਾ ਹੈ।
ਫ਼ਿਰੋਜ਼ਪੁਰ, 24 ਮਾਰਚ (ਗੁਰਪ੍ਰੀਤ ਸਿੰਘ) - ਡੀਐਸਪੀ ਰੰਧਾਵਾ ਮਾਮਲੇ ਦੀ ਸੀਬੀਆਈ ਜਾਂਚ ਦੀ ਮੰਗ ਨੂੰ ਲੈ ਕੇ ਭਾਰਤੀ ਜਨਤਾ ਪਾਰਟੀ ਵੱਲੋਂ ਜ਼ਿਲ੍ਹਾ ਪ੍ਰਧਾਨ ਦੀ ਅਗਵਾਈ ਹੇਠ ਰੋਸ ਪ੍ਰਦਰਸ਼ਨ ਕੀਤਾ ਗਿਆ। ਆਗੂਆਂ ਨੇ ਕਿਹਾ ਕਿ ਨਿਰਪੱਖ ਜਾਂਚ ਸਿਰਫ਼ ਸੀਬੀਆਈ ਰਾਹੀਂ ਹੀ ਸੰਭਵ ਹੈ ਅਤੇ ਪੀੜਤ ਪਰਿਵਾਰ ਨੂੰ ਇਨਸਾਫ ਮਿਲਣਾ ਚਾਹੀਦਾ ਹੈ।
ਪਤੀ ਪਤਨੀ ਵਲੋਂ ਥਾਣੇਦਾਰ 'ਤੇ ਧਮਕਾਉਣ ਦੇ ਲੱਗੇ ਦੋਸ਼
ਮੁਨੀਸ਼ਾ ਰਾਣੀ ਨੇ ਸੋਹਰਾ ਪਰਿਵਾਰ ਤੇ ਹੋਰ ਦਾਜ ਨਾ ਲਿਆਉਣ ਦੀ ਸੂਰਤ ਵਿੱਚ ਕੁੱਟ ਮਾਰ ਕਰ ਕੇ ਘਰੋਂ ਕੱਢਣ ਦੇ ਲਗਾਏ ਗੰਭੀਰ ਇਲਜ਼ਾਮ
ਗੁਰਦਾਸਪੁਰ 24 ਮਾਰਚ (ਨਰਿੰਦਰ ਸ਼ਰਮਾ) - ਮੁਨੀਸ਼ਾ ਰਾਣੀ ਪਤਨੀ ਬਲਜੀਤ ਸਿੰਘ ਵਾਸੀ ਗੁਰਦਾਸਪੁਰ ਨੇ ਪ੍ਰੈਸ ਕਾਨਫਰੰਸ ਦੌਰਾਨ ਦੱਸਿਆ ਕਿ ਉਸ ਦਾ ਵਿਆਹ ਕਰੀਬ ਦੋ ਸਾਲ ਪਹਿਲਾਂ ਹੋਇਆ ਸੀ ਅਤੇ ਵਿਆਹ ਤੋਂ ਬਾਅਦ ਸਹੁਰਾ ਪਰਿਵਾਰ ਵੱਲੋਂ ਹੋਰ ਦਾਜ ਦੀ ਮੰਗ ਕੀਤੀ ਜਾਣ ਲੱਗੀ। ਪਤੀ ਪਤਨੀ ਨੇ ਥਾਣੇਦਾਰ ਉੱਤੇ ਧਮਕਾਉਣ ਦੇ ਦੋਸ਼ ਲਗਾਉਂਦਿਆਂ ਉੱਚ ਅਧਿਕਾਰੀਆਂ ਤੋਂ ਇਨਸਾਫ ਦੀ ਮੰਗ ਕੀਤੀ।
ਮੁਨੀਸ਼ਾ ਰਾਣੀ ਪਤਨੀ ਬਲਜੀਤ ਸਿੰਘ ਵਾਸੀ ਗੁਰਦਾਸਪੁਰ ਨੇ ਪ੍ਰੈਸ ਕਾਨਫਰੰਸ ਦੌਰਾਨ ਦੱਸਿਆ ਕਿ ਉਸ ਦਾ ਵਿਆਹ ਕਰੀਬ ਦੋ ਸਾਲ ਪਹਿਲਾਂ ਹੋਇਆ ਸੀ ਅਤੇ ਵਿਆਹ ਤੋਂ ਬਾਅਦ ਸਹੁਰਾ ਪਰਿਵਾਰ ਵੱਲੋਂ ਹੋਰ ਦਾਜ ਦੀ ਮੰਗ ਕੀਤੀ ਜਾਣ ਲੱਗੀ। ਪਤੀ ਪਤਨੀ ਨੇ ਥਾਣੇਦਾਰ ਉੱਤੇ ਧਮਕਾਉਣ ਦੇ ਦੋਸ਼ ਲਗਾਉਂਦਿਆਂ ਉੱਚ ਅਧਿਕਾਰੀਆਂ ਤੋਂ ਇਨਸਾਫ ਦੀ ਮੰਗ ਕੀਤੀ।
ਮੁਨੀਸ਼ਾ ਰਾਣੀ ਪਤਨੀ ਬਲਜੀਤ ਸਿੰਘ ਵਾਸੀ ਗੁਰਦਾਸਪੁਰ ਨੇ ਪ੍ਰੈਸ ਕਾਨਫਰੰਸ ਦੌਰਾਨ ਦੱਸਿਆ ਕਿ ਉਸ ਦਾ ਵਿਆਹ ਕਰੀਬ ਦੋ ਸਾਲ ਪਹਿਲਾਂ ਹੋਇਆ ਸੀ ਅਤੇ ਵਿਆਹ ਤੋਂ ਬਾਅਦ ਸਹੁਰਾ ਪਰਿਵਾਰ ਵੱਲੋਂ ਹੋਰ ਦਾਜ ਦੀ ਮੰਗ ਕੀਤੀ ਜਾਣ ਲੱਗੀ। ਪਤੀ ਪਤਨੀ ਨੇ ਥਾਣੇਦਾਰ ਉੱਤੇ ਧਮਕਾਉਣ ਦੇ ਦੋਸ਼ ਲਗਾਉਂਦਿਆਂ ਉੱਚ ਅਧਿਕਾਰੀਆਂ ਤੋਂ ਇਨਸਾਫ ਦੀ ਮੰਗ ਕੀਤੀ। ਮੁਨੀਸ਼ਾ ਰਾਣੀ ਪਤਨੀ ਬਲਜੀਤ ਸਿੰਘ ਵਾਸੀ ਗੁਰਦਾਸਪੁਰ ਨੇ ਪ੍ਰੈਸ ਕਾਨਫਰੰਸ ਦੌਰਾਨ ਦੱਸਿਆ ਕਿ ਉਸ ਦਾ ਵਿਆਹ ਕਰੀਬ ਦੋ ਸਾਲ ਪਹਿਲਾਂ ਹੋਇਆ ਸੀ ਅਤੇ ਵਿਆਹ ਤੋਂ ਬਾਅਦ ਸਹੁਰਾ ਪਰਿਵਾਰ ਵੱਲੋਂ ਹੋਰ ਦਾਜ ਦੀ ਮੰਗ ਕੀਤੀ ਜਾਣ ਲੱਗੀ। ਪਤੀ ਪਤਨੀ ਨੇ ਥਾਣੇਦਾਰ ਉੱਤੇ ਧਮਕਾਉਣ ਦੇ ਦੋਸ਼ ਲਗਾਉਂਦਿਆਂ ਉੱਚ ਅਧਿਕਾਰੀਆਂ ਤੋਂ ਇਨਸਾਫ ਦੀ ਮੰਗ ਕੀਤੀ। ਮੁਨੀਸ਼ਾ ਰਾਣੀ ਪਤਨੀ ਬਲਜੀਤ ਸਿੰਘ ਵਾਸੀ ਗੁਰਦਾਸਪੁਰ ਨੇ ਪ੍ਰੈਸ ਕਾਨਫਰੰਸ ਦੌਰਾਨ ਦੱਸਿਆ ਕਿ ਉਸ ਦਾ ਵਿਆਹ ਕਰੀਬ ਦੋ ਸਾਲ ਪਹਿਲਾਂ ਹੋਇਆ ਸੀ ਅਤੇ ਵਿਆਹ ਤੋਂ ਬਾਅਦ ਸਹੁਰਾ ਪਰਿਵਾਰ ਵੱਲੋਂ ਹੋਰ ਦਾਜ ਦੀ ਮੰਗ ਕੀਤੀ ਜਾਣ ਲੱਗੀ। ਪਤੀ ਪਤਨੀ ਨੇ ਥਾਣੇਦਾਰ ਉੱਤੇ ਧਮਕਾਉਣ ਦੇ ਦੋਸ਼ ਲਗਾਉਂਦਿਆਂ ਉੱਚ ਅਧਿਕਾਰੀਆਂ ਤੋਂ ਇਨਸਾਫ ਦੀ ਮੰਗ ਕੀਤੀ।
ਵਿਧਾਇਕ ਲਾਡੀ ਨੇ ਰਾਜ ਪੱਧਰੀ ਸਮਾਗਮ ਦੌਰਾਨ ਮੁੱਖ ਮੰਤਰੀ ਅੱਗੇ ਰੱਖੀ ਸਤਲੁਜ ਦੇ ਬੰਨ ਨੂੰ ਪੱਕਾ ਕਰਨ ਦੀ ਮੰਗ
ਸਿਰਫ ਧਰਮਕੋਟ ਹਲਕੇ ਦੇ ਲੋਕਾਂ ਨੇ ਹੀ ਲਿਆ ਇਸ ਰੈਲੀ ਵਿੱਚ ਹਿੱਸਾ - ਚੇਅਰਮੈਨ ਗੁਰਦਾਸ, ਮੁਖੀਜਾ
ਧਰਮਕੋਟ 24 ਮਾਰਚ (ਰਣਜੀਤ ਬਾਵਾ) - ਵਿਧਾਨ ਸਭਾ ਹਲਕਾ ਧਰਮਕੋਟ ਦੇ ਵਿਧਾਇਕ ਦਵਿੰਦਰਜੀਤ ਸਿੰਘ ਲਾਡੀ ਢੋਸ ਨੇ ਰਾਜ ਪੱਧਰੀ ਸਮਾਗਮ ਦੌਰਾਨ ਮੁੱਖ ਮੰਤਰੀ ਭਗਵੰਤ ਸਿੰਘ ਮਾਨ ਅੱਗੇ ਸਤਲੁਜ ਦਰਿਆ ਦੇ ਬੰਨ੍ਹ ਨੂੰ ਪੱਕਾ ਕਰਨ ਦੀ ਮੰਗ ਰੱਖੀ। ਉਨ੍ਹਾਂ ਕਿਹਾ ਕਿ ਹਰ ਸਾਲ ਹੜ੍ਹਾਂ ਕਾਰਨ ਹਲਕੇ ਦੇ ਕਿਸਾਨਾਂ ਦੀਆਂ ਫਸਲਾਂ ਦਾ ਭਾਰੀ ਨੁਕਸਾਨ ਹੁੰਦਾ ਹੈ ਇਸ ਲਈ ਬੰਨ੍ਹ ਨੂੰ ਪੱਕਾ ਕਰਨਾ ਸਮੇਂ ਦੀ ਲੋੜ ਹੈ। ਇਸ ਮੌਕੇ ਹਲਕੇ ਦੇ ਸੈਂਕੜੇ ਲੋਕ ਸਮਾਗਮ ਵਿੱਚ ਸ਼ਾਮਲ ਹੋਏ।
ਵਿਧਾਨ ਸਭਾ ਹਲਕਾ ਧਰਮਕੋਟ ਦੇ ਵਿਧਾਇਕ ਦਵਿੰਦਰਜੀਤ ਸਿੰਘ ਲਾਡੀ ਢੋਸ ਨੇ ਰਾਜ ਪੱਧਰੀ ਸਮਾਗਮ ਦੌਰਾਨ ਮੁੱਖ ਮੰਤਰੀ ਭਗਵੰਤ ਸਿੰਘ ਮਾਨ ਅੱਗੇ ਸਤਲੁਜ ਦਰਿਆ ਦੇ ਬੰਨ੍ਹ ਨੂੰ ਪੱਕਾ ਕਰਨ ਦੀ ਮੰਗ ਰੱਖੀ। ਉਨ੍ਹਾਂ ਕਿਹਾ ਕਿ ਹਰ ਸਾਲ ਹੜ੍ਹਾਂ ਕਾਰਨ ਹਲਕੇ ਦੇ ਕਿਸਾਨਾਂ ਦੀਆਂ ਫਸਲਾਂ ਦਾ ਭਾਰੀ ਨੁਕਸਾਨ ਹੁੰਦਾ ਹੈ ਇਸ ਲਈ ਬੰਨ੍ਹ ਨੂੰ ਪੱਕਾ ਕਰਨਾ ਸਮੇਂ ਦੀ ਲੋੜ ਹੈ। ਇਸ ਮੌਕੇ ਹਲਕੇ ਦੇ ਸੈਂਕੜੇ ਲੋਕ ਸਮਾਗਮ ਵਿੱਚ ਸ਼ਾਮਲ ਹੋਏ। ਵਿਧਾਨ ਸਭਾ ਹਲਕਾ ਧਰਮਕੋਟ ਦੇ ਵਿਧਾਇਕ ਦਵਿੰਦਰਜੀਤ ਸਿੰਘ ਲਾਡੀ ਢੋਸ ਨੇ ਰਾਜ ਪੱਧਰੀ ਸਮਾਗਮ ਦੌਰਾਨ ਮੁੱਖ ਮੰਤਰੀ ਭਗਵੰਤ ਸਿੰਘ ਮਾਨ ਅੱਗੇ ਸਤਲੁਜ ਦਰਿਆ ਦੇ ਬੰਨ੍ਹ ਨੂੰ ਪੱਕਾ ਕਰਨ ਦੀ ਮੰਗ ਰੱਖੀ। ਉਨ੍ਹਾਂ ਕਿਹਾ ਕਿ ਹਰ ਸਾਲ ਹੜ੍ਹਾਂ ਕਾਰਨ ਹਲਕੇ ਦੇ ਕਿਸਾਨਾਂ ਦੀਆਂ ਫਸਲਾਂ ਦਾ ਭਾਰੀ ਨੁਕਸਾਨ ਹੁੰਦਾ ਹੈ ਇਸ ਲਈ ਬੰਨ੍ਹ ਨੂੰ ਪੱਕਾ ਕਰਨਾ ਸਮੇਂ ਦੀ ਲੋੜ ਹੈ। ਇਸ ਮੌਕੇ ਹਲਕੇ ਦੇ ਸੈਂਕੜੇ ਲੋਕ ਸਮਾਗਮ ਵਿੱਚ ਸ਼ਾਮਲ ਹੋਏ।
ਵਿਧਾਨ ਸਭਾ ਹਲਕਾ ਧਰਮਕੋਟ ਦੇ ਵਿਧਾਇਕ ਦਵਿੰਦਰਜੀਤ ਸਿੰਘ ਲਾਡੀ ਢੋਸ ਨੇ ਰਾਜ ਪੱਧਰੀ ਸਮਾਗਮ ਦੌਰਾਨ ਮੁੱਖ ਮੰਤਰੀ ਭਗਵੰਤ ਸਿੰਘ ਮਾਨ ਅੱਗੇ ਸਤਲੁਜ ਦਰਿਆ ਦੇ ਬੰਨ੍ਹ ਨੂੰ ਪੱਕਾ ਕਰਨ ਦੀ ਮੰਗ ਰੱਖੀ। ਉਨ੍ਹਾਂ ਕਿਹਾ ਕਿ ਹਰ ਸਾਲ ਹੜ੍ਹਾਂ ਕਾਰਨ ਹਲਕੇ ਦੇ ਕਿਸਾਨਾਂ ਦੀਆਂ ਫਸਲਾਂ ਦਾ ਭਾਰੀ ਨੁਕਸਾਨ ਹੁੰਦਾ ਹੈ ਇਸ ਲਈ ਬੰਨ੍ਹ ਨੂੰ ਪੱਕਾ ਕਰਨਾ ਸਮੇਂ ਦੀ ਲੋੜ ਹੈ। ਇਸ ਮੌਕੇ ਹਲਕੇ ਦੇ ਸੈਂਕੜੇ ਲੋਕ ਸਮਾਗਮ ਵਿੱਚ ਸ਼ਾਮਲ ਹੋਏ।
